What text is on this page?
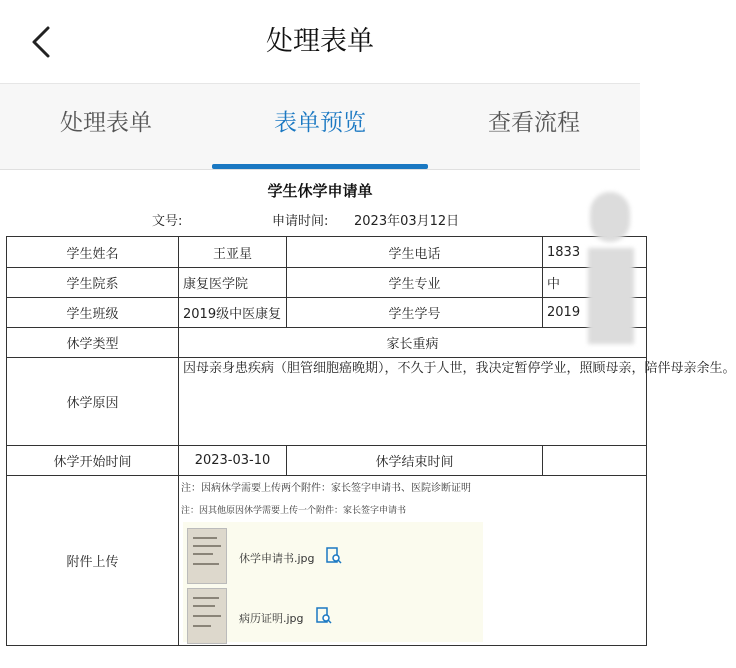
处理表单
处理表单	表单预览	查看流程
学生休学申请单
文号:	申请时间: 2023年03月12日
学生姓名	王亚星	学生电话	1833
学生院系	康复医学院	学生专业	中
学生班级	2019级中医康复	学生学号	2019
休学类型	家长重病		
休学原因	因母亲身患疾病（胆管细胞癌晚期），不久于人世，我决定暂停学业，照顾母亲，陪伴母亲余生。		
休学开始时间	2023-03-10	休学结束时间	
附件上传	注：因病休学需要上传两个附件：家长签字申请书、医院诊断证明
注：因其他原因休学需要上传一个附件：家长签字申请书
休学申请书.jpg
病历证明.jpg		
